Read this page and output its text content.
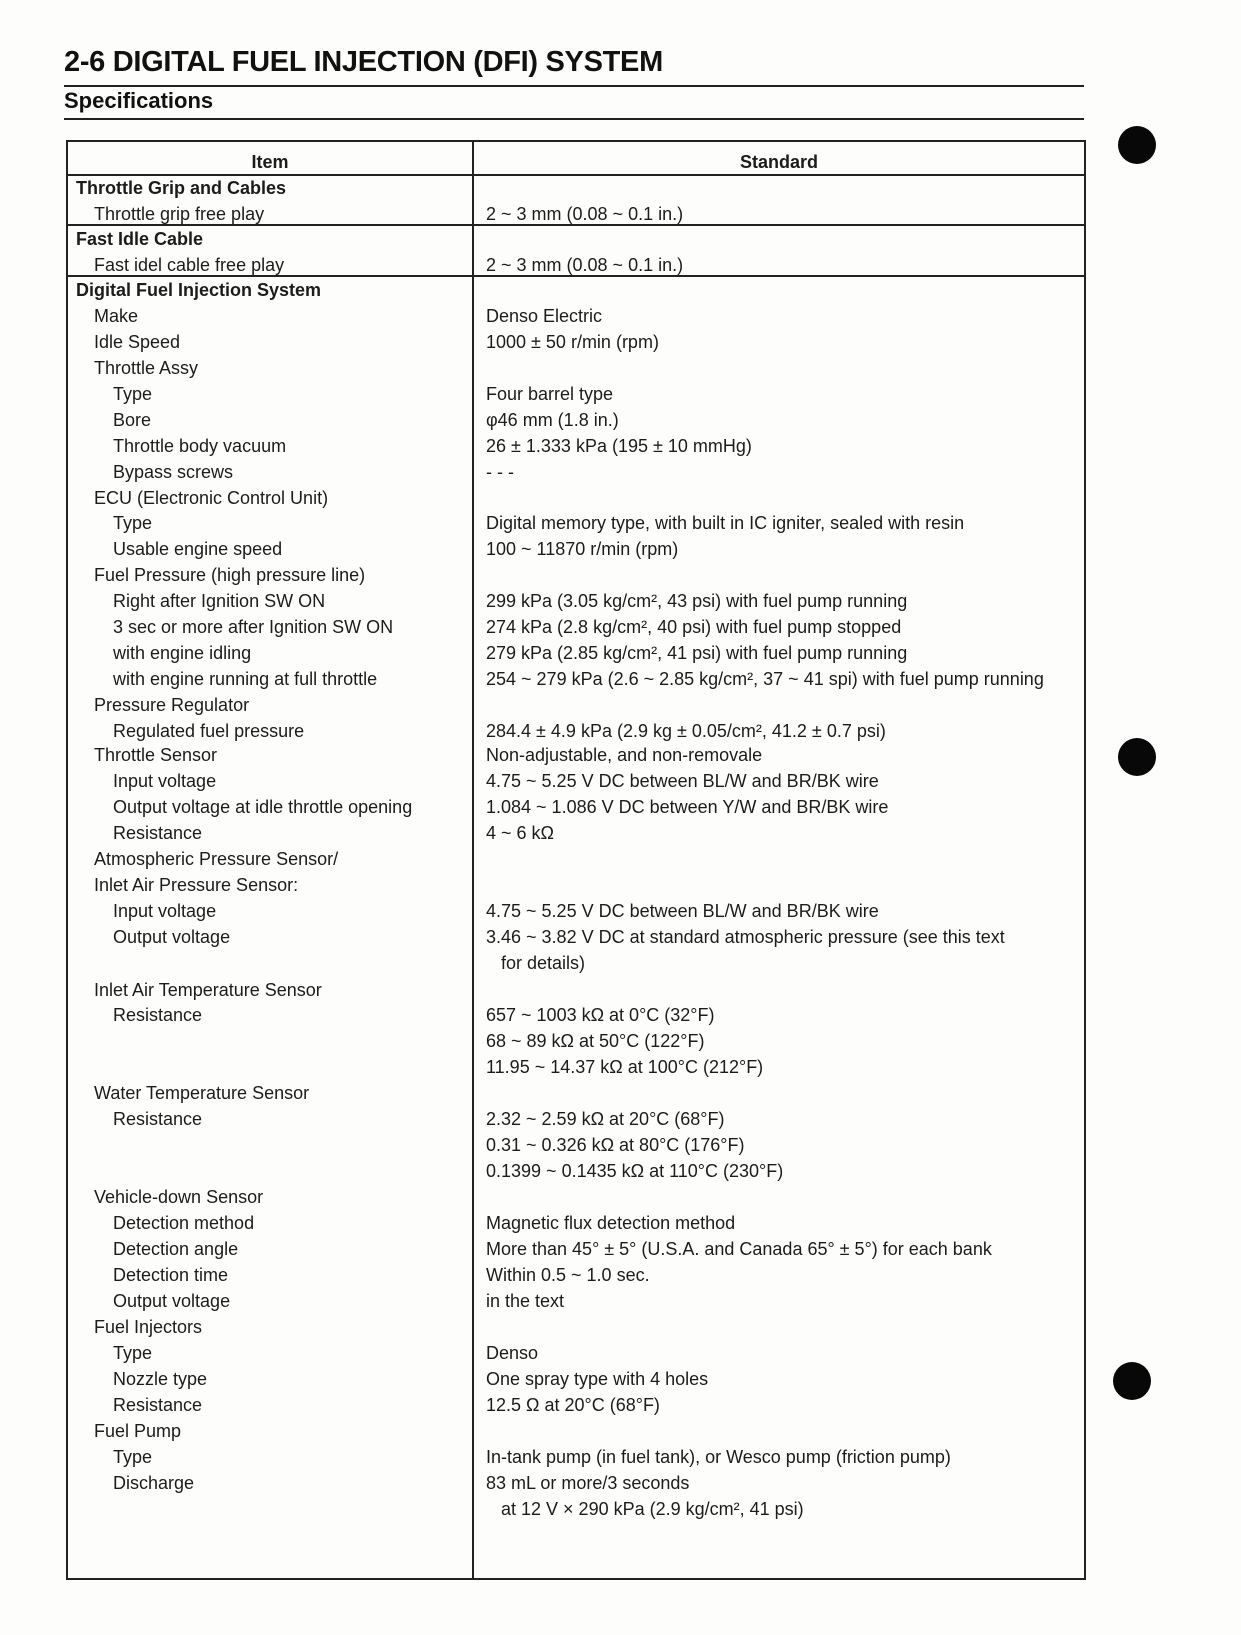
2-6 DIGITAL FUEL INJECTION (DFI) SYSTEM
Specifications
Item	Standard
Throttle Grip and Cables
Throttle grip free play	2 ~ 3 mm (0.08 ~ 0.1 in.)
Fast Idle Cable
Fast idel cable free play	2 ~ 3 mm (0.08 ~ 0.1 in.)
Digital Fuel Injection System
Make	Denso Electric
Idle Speed	1000 ± 50 r/min (rpm)
Throttle Assy
Type	Four barrel type
Bore	φ46 mm (1.8 in.)
Throttle body vacuum	26 ± 1.333 kPa (195 ± 10 mmHg)
Bypass screws	- - -
ECU (Electronic Control Unit)
Type	Digital memory type, with built in IC igniter, sealed with resin
Usable engine speed	100 ~ 11870 r/min (rpm)
Fuel Pressure (high pressure line)
Right after Ignition SW ON	299 kPa (3.05 kg/cm², 43 psi) with fuel pump running
3 sec or more after Ignition SW ON	274 kPa (2.8 kg/cm², 40 psi) with fuel pump stopped
with engine idling	279 kPa (2.85 kg/cm², 41 psi) with fuel pump running
with engine running at full throttle	254 ~ 279 kPa (2.6 ~ 2.85 kg/cm², 37 ~ 41 spi) with fuel pump running
Pressure Regulator
Regulated fuel pressure	284.4 ± 4.9 kPa (2.9 kg ± 0.05/cm², 41.2 ± 0.7 psi)
Throttle Sensor	Non-adjustable, and non-removale
Input voltage	4.75 ~ 5.25 V DC between BL/W and BR/BK wire
Output voltage at idle throttle opening	1.084 ~ 1.086 V DC between Y/W and BR/BK wire
Resistance	4 ~ 6 kΩ
Atmospheric Pressure Sensor/
Inlet Air Pressure Sensor:
Input voltage	4.75 ~ 5.25 V DC between BL/W and BR/BK wire
Output voltage	3.46 ~ 3.82 V DC at standard atmospheric pressure (see this text
for details)
Inlet Air Temperature Sensor
Resistance	657 ~ 1003 kΩ at 0°C (32°F)
68 ~ 89 kΩ at 50°C (122°F)
11.95 ~ 14.37 kΩ at 100°C (212°F)
Water Temperature Sensor
Resistance	2.32 ~ 2.59 kΩ at 20°C (68°F)
0.31 ~ 0.326 kΩ at 80°C (176°F)
0.1399 ~ 0.1435 kΩ at 110°C (230°F)
Vehicle-down Sensor
Detection method	Magnetic flux detection method
Detection angle	More than 45° ± 5° (U.S.A. and Canada 65° ± 5°) for each bank
Detection time	Within 0.5 ~ 1.0 sec.
Output voltage	in the text
Fuel Injectors
Type	Denso
Nozzle type	One spray type with 4 holes
Resistance	12.5 Ω at 20°C (68°F)
Fuel Pump
Type	In-tank pump (in fuel tank), or Wesco pump (friction pump)
Discharge	83 mL or more/3 seconds
at 12 V × 290 kPa (2.9 kg/cm², 41 psi)
